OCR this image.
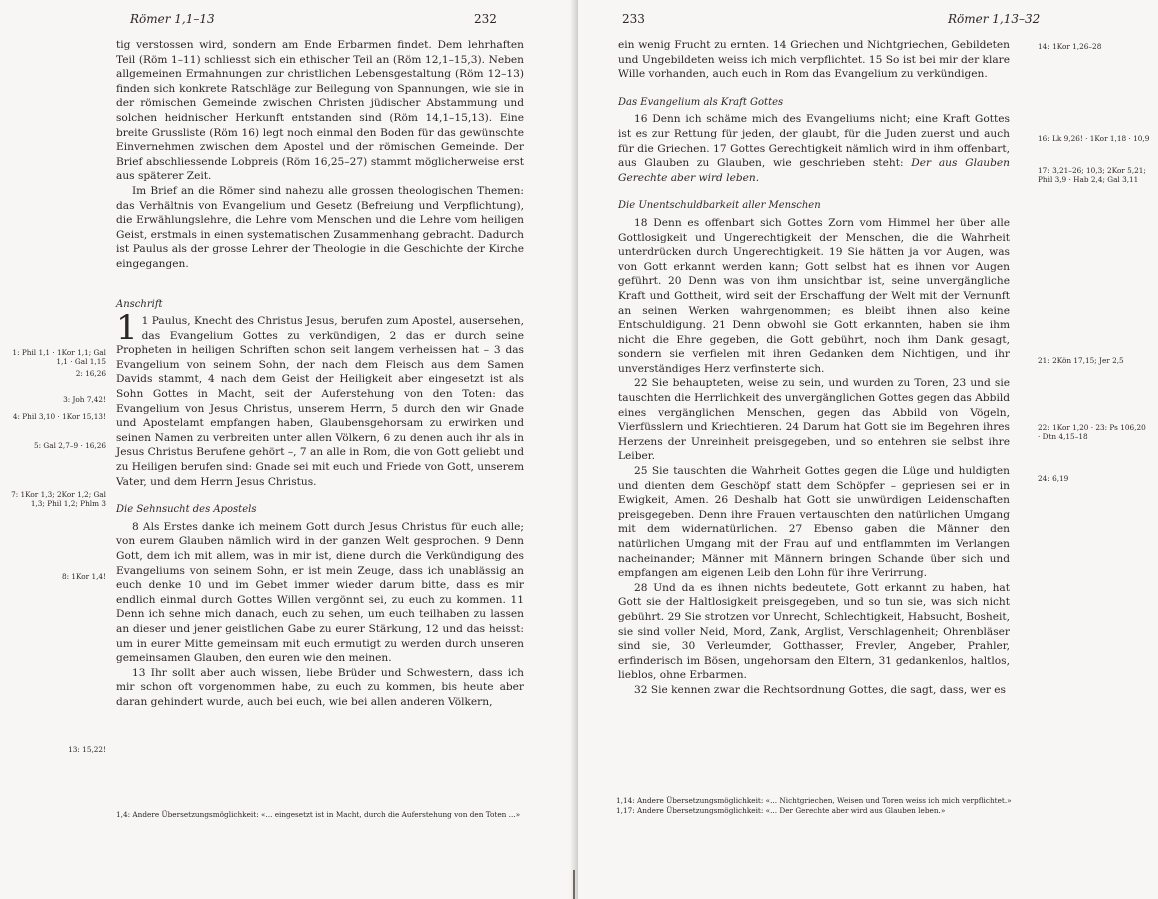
Römer 1,1–13	232

tig verstossen wird, sondern am Ende Erbarmen findet. Dem lehrhaften Teil (Röm 1–11) schliesst sich ein ethischer Teil an (Röm 12,1–15,3). Neben allgemeinen Ermahnungen zur christlichen Lebensgestaltung (Röm 12–13) finden sich konkrete Ratschläge zur Beilegung von Spannungen, wie sie in der römischen Gemeinde zwischen Christen jüdischer Abstammung und solchen heidnischer Herkunft entstanden sind (Röm 14,1–15,13). Eine breite Grussliste (Röm 16) legt noch einmal den Boden für das gewünschte Einvernehmen zwischen dem Apostel und der römischen Gemeinde. Der Brief abschliessende Lobpreis (Röm 16,25–27) stammt möglicherweise erst aus späterer Zeit.

Im Brief an die Römer sind nahezu alle grossen theologischen Themen: das Verhältnis von Evangelium und Gesetz (Befreiung und Verpflichtung), die Erwählungslehre, die Lehre vom Menschen und die Lehre vom heiligen Geist, erstmals in einen systematischen Zusammenhang gebracht. Dadurch ist Paulus als der grosse Lehrer der Theologie in die Geschichte der Kirche eingegangen.

Anschrift

1 1 Paulus, Knecht des Christus Jesus, berufen zum Apostel, ausersehen, das Evangelium Gottes zu verkündigen, 2 das er durch seine Propheten in heiligen Schriften schon seit langem verheissen hat – 3 das Evangelium von seinem Sohn, der nach dem Fleisch aus dem Samen Davids stammt, 4 nach dem Geist der Heiligkeit aber eingesetzt ist als Sohn Gottes in Macht, seit der Auferstehung von den Toten: das Evangelium von Jesus Christus, unserem Herrn, 5 durch den wir Gnade und Apostelamt empfangen haben, Glaubensgehorsam zu erwirken und seinen Namen zu verbreiten unter allen Völkern, 6 zu denen auch ihr als in Jesus Christus Berufene gehört –, 7 an alle in Rom, die von Gott geliebt und zu Heiligen berufen sind: Gnade sei mit euch und Friede von Gott, unserem Vater, und dem Herrn Jesus Christus.

Die Sehnsucht des Apostels

8 Als Erstes danke ich meinem Gott durch Jesus Christus für euch alle; von eurem Glauben nämlich wird in der ganzen Welt gesprochen. 9 Denn Gott, dem ich mit allem, was in mir ist, diene durch die Verkündigung des Evangeliums von seinem Sohn, er ist mein Zeuge, dass ich unablässig an euch denke 10 und im Gebet immer wieder darum bitte, dass es mir endlich einmal durch Gottes Willen vergönnt sei, zu euch zu kommen. 11 Denn ich sehne mich danach, euch zu sehen, um euch teilhaben zu lassen an dieser und jener geistlichen Gabe zu eurer Stärkung, 12 und das heisst: um in eurer Mitte gemeinsam mit euch ermutigt zu werden durch unseren gemeinsamen Glauben, den euren wie den meinen.

13 Ihr sollt aber auch wissen, liebe Brüder und Schwestern, dass ich mir schon oft vorgenommen habe, zu euch zu kommen, bis heute aber daran gehindert wurde, auch bei euch, wie bei allen anderen Völkern,

1: Phil 1,1 · 1Kor 1,1; Gal 1,1 · Gal 1,15
2: 16,26
3: Joh 7,42!
4: Phil 3,10 · 1Kor 15,13!
5: Gal 2,7–9 · 16,26
7: 1Kor 1,3; 2Kor 1,2; Gal 1,3; Phil 1,2; Phlm 3
8: 1Kor 1,4!
13: 15,22!

1,4: Andere Übersetzungsmöglichkeit: «... eingesetzt ist in Macht, durch die Auferstehung von den Toten ...»

233	Römer 1,13–32

ein wenig Frucht zu ernten. 14 Griechen und Nichtgriechen, Gebildeten und Ungebildeten weiss ich mich verpflichtet. 15 So ist bei mir der klare Wille vorhanden, auch euch in Rom das Evangelium zu verkündigen.

Das Evangelium als Kraft Gottes

16 Denn ich schäme mich des Evangeliums nicht; eine Kraft Gottes ist es zur Rettung für jeden, der glaubt, für die Juden zuerst und auch für die Griechen. 17 Gottes Gerechtigkeit nämlich wird in ihm offenbart, aus Glauben zu Glauben, wie geschrieben steht: Der aus Glauben Gerechte aber wird leben.

Die Unentschuldbarkeit aller Menschen

18 Denn es offenbart sich Gottes Zorn vom Himmel her über alle Gottlosigkeit und Ungerechtigkeit der Menschen, die die Wahrheit unterdrücken durch Ungerechtigkeit. 19 Sie hätten ja vor Augen, was von Gott erkannt werden kann; Gott selbst hat es ihnen vor Augen geführt. 20 Denn was von ihm unsichtbar ist, seine unvergängliche Kraft und Gottheit, wird seit der Erschaffung der Welt mit der Vernunft an seinen Werken wahrgenommen; es bleibt ihnen also keine Entschuldigung. 21 Denn obwohl sie Gott erkannten, haben sie ihm nicht die Ehre gegeben, die Gott gebührt, noch ihm Dank gesagt, sondern sie verfielen mit ihren Gedanken dem Nichtigen, und ihr unverständiges Herz verfinsterte sich.

22 Sie behaupteten, weise zu sein, und wurden zu Toren, 23 und sie tauschten die Herrlichkeit des unvergänglichen Gottes gegen das Abbild eines vergänglichen Menschen, gegen das Abbild von Vögeln, Vierfüsslern und Kriechtieren. 24 Darum hat Gott sie im Begehren ihres Herzens der Unreinheit preisgegeben, und so entehren sie selbst ihre Leiber.

25 Sie tauschten die Wahrheit Gottes gegen die Lüge und huldigten und dienten dem Geschöpf statt dem Schöpfer – gepriesen sei er in Ewigkeit, Amen. 26 Deshalb hat Gott sie unwürdigen Leidenschaften preisgegeben. Denn ihre Frauen vertauschten den natürlichen Umgang mit dem widernatürlichen. 27 Ebenso gaben die Männer den natürlichen Umgang mit der Frau auf und entflammten im Verlangen nacheinander; Männer mit Männern bringen Schande über sich und empfangen am eigenen Leib den Lohn für ihre Verirrung.

28 Und da es ihnen nichts bedeutete, Gott erkannt zu haben, hat Gott sie der Haltlosigkeit preisgegeben, und so tun sie, was sich nicht gebührt. 29 Sie strotzen vor Unrecht, Schlechtigkeit, Habsucht, Bosheit, sie sind voller Neid, Mord, Zank, Arglist, Verschlagenheit; Ohrenbläser sind sie, 30 Verleumder, Gotthasser, Frevler, Angeber, Prahler, erfinderisch im Bösen, ungehorsam den Eltern, 31 gedankenlos, haltlos, lieblos, ohne Erbarmen.

32 Sie kennen zwar die Rechtsordnung Gottes, die sagt, dass, wer es

14: 1Kor 1,26–28
16: Lk 9,26! · 1Kor 1,18 · 10,9
17: 3,21–26; 10,3; 2Kor 5,21; Phil 3,9 · Hab 2,4; Gal 3,11
21: 2Kön 17,15; Jer 2,5
22: 1Kor 1,20 · 23: Ps 106,20 · Dtn 4,15–18
24: 6,19

1,14: Andere Übersetzungsmöglichkeit: «... Nichtgriechen, Weisen und Toren weiss ich mich verpflichtet.»

1,17: Andere Übersetzungsmöglichkeit: «... Der Gerechte aber wird aus Glauben leben.»
